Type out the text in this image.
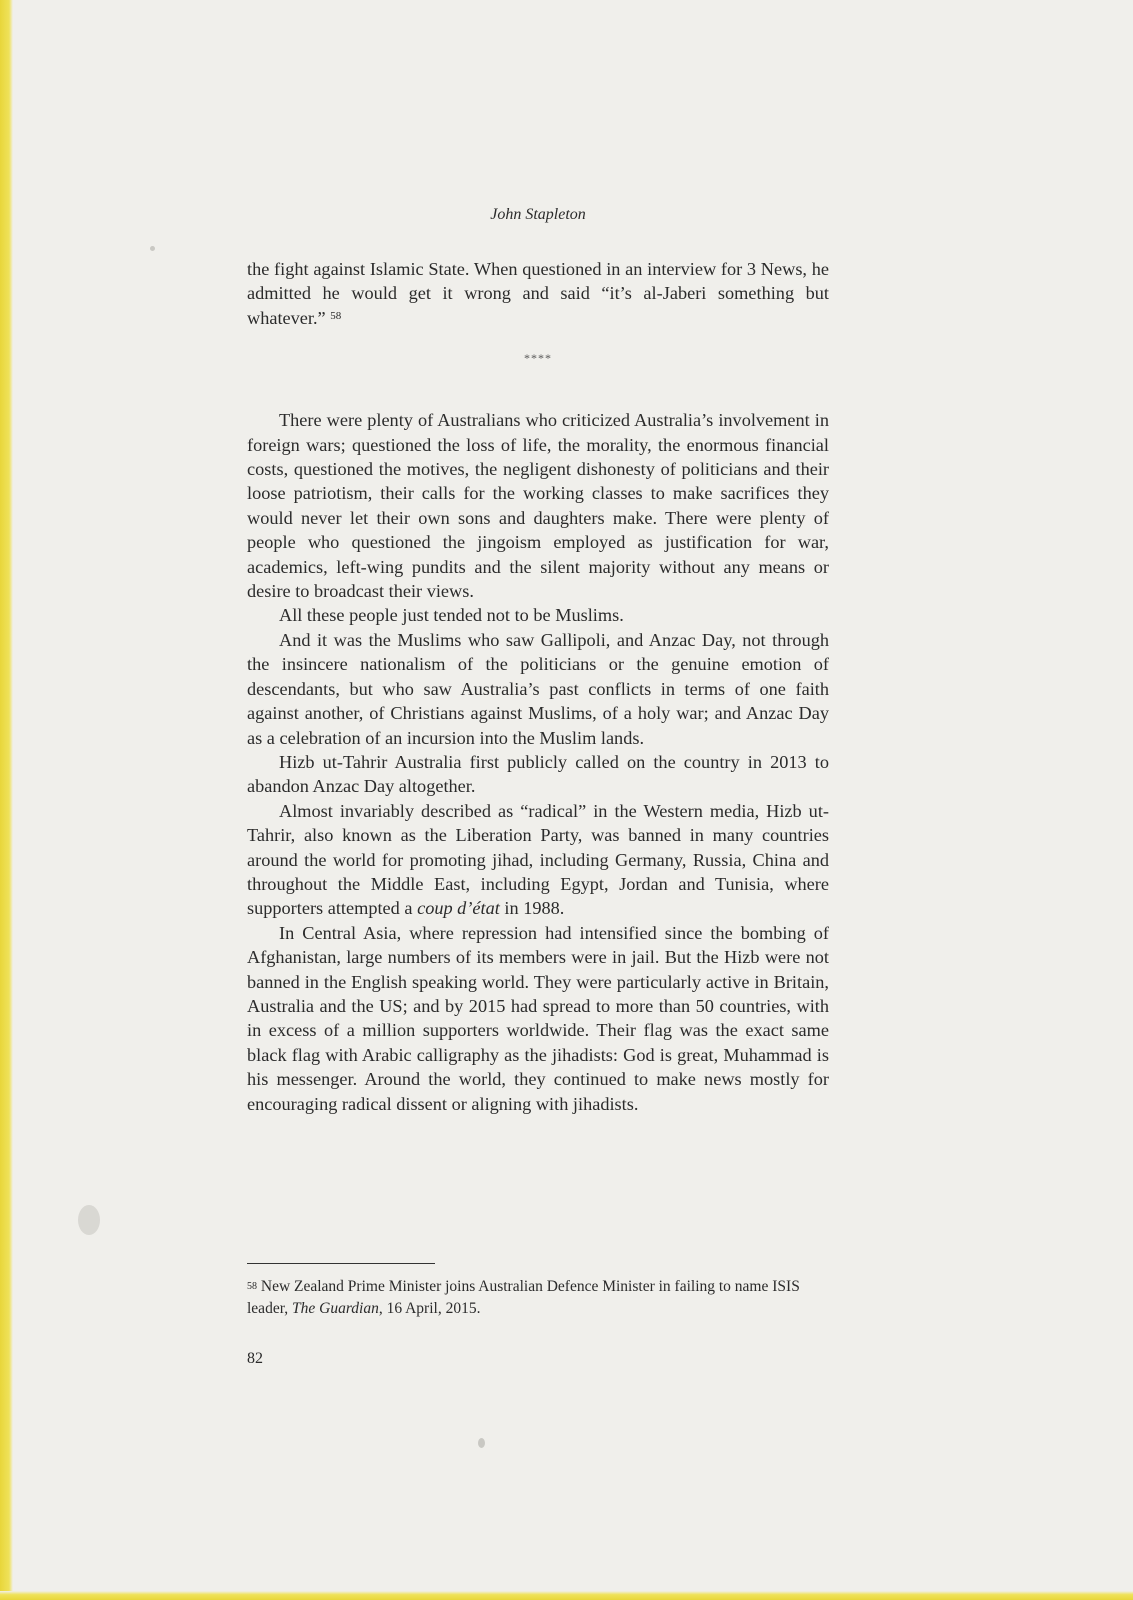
John Stapleton

the fight against Islamic State. When questioned in an interview for 3 News, he admitted he would get it wrong and said “it’s al-Jaberi something but whatever.” $^{58}$

****

There were plenty of Australians who criticized Australia’s involvement in foreign wars; questioned the loss of life, the morality, the enormous financial costs, questioned the motives, the negligent dishonesty of politicians and their loose patriotism, their calls for the working classes to make sacrifices they would never let their own sons and daughters make. There were plenty of people who questioned the jingoism employed as justification for war, academics, left-wing pundits and the silent majority without any means or desire to broadcast their views.

All these people just tended not to be Muslims.

And it was the Muslims who saw Gallipoli, and Anzac Day, not through the insincere nationalism of the politicians or the genuine emotion of descendants, but who saw Australia’s past conflicts in terms of one faith against another, of Christians against Muslims, of a holy war; and Anzac Day as a celebration of an incursion into the Muslim lands.

Hizb ut-Tahrir Australia first publicly called on the country in 2013 to abandon Anzac Day altogether.

Almost invariably described as “radical” in the Western media, Hizb ut-Tahrir, also known as the Liberation Party, was banned in many countries around the world for promoting jihad, including Germany, Russia, China and throughout the Middle East, including Egypt, Jordan and Tunisia, where supporters attempted a coup d’état in 1988.

In Central Asia, where repression had intensified since the bombing of Afghanistan, large numbers of its members were in jail. But the Hizb were not banned in the English speaking world. They were particularly active in Britain, Australia and the US; and by 2015 had spread to more than 50 countries, with in excess of a million supporters worldwide. Their flag was the exact same black flag with Arabic calligraphy as the jihadists: God is great, Muhammad is his messenger. Around the world, they continued to make news mostly for encouraging radical dissent or aligning with jihadists.

$^{58}$ New Zealand Prime Minister joins Australian Defence Minister in failing to name ISIS leader, The Guardian, 16 April, 2015.
82
